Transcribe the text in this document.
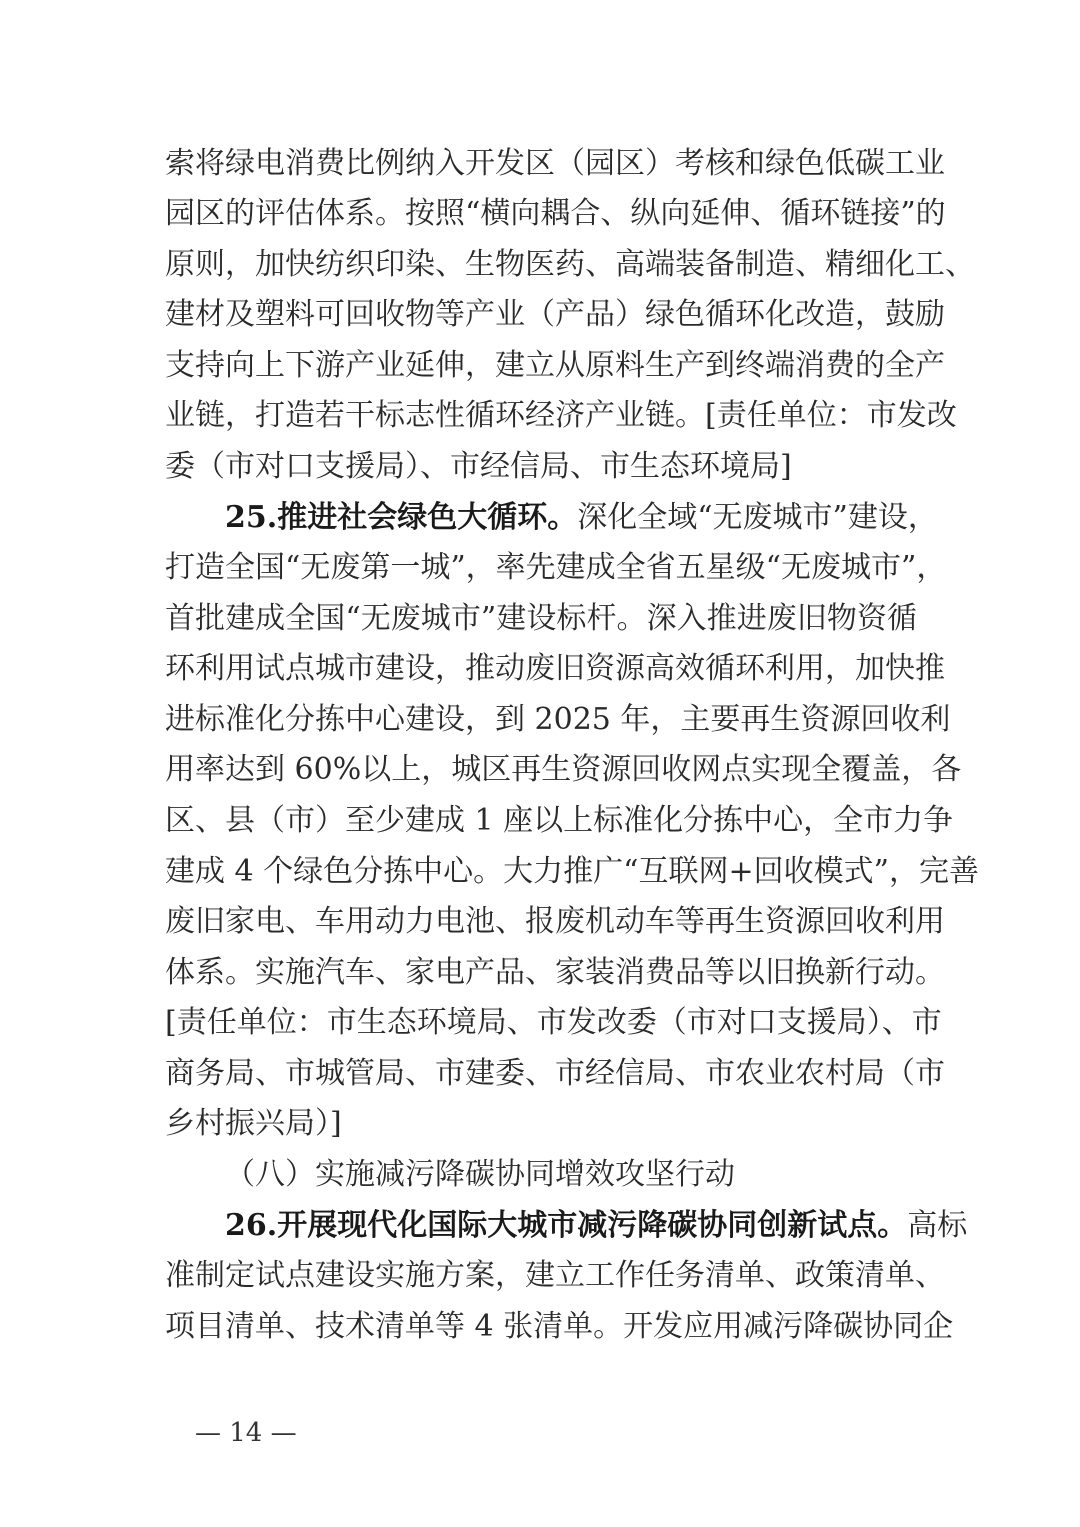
索将绿电消费比例纳入开发区（园区）考核和绿色低碳工业
园区的评估体系。按照“横向耦合、纵向延伸、循环链接”的
原则，加快纺织印染、生物医药、高端装备制造、精细化工、
建材及塑料可回收物等产业（产品）绿色循环化改造，鼓励
支持向上下游产业延伸，建立从原料生产到终端消费的全产
业链，打造若干标志性循环经济产业链。[责任单位：市发改
委（市对口支援局）、市经信局、市生态环境局]
25.推进社会绿色大循环。深化全域“无废城市”建设，
打造全国“无废第一城”，率先建成全省五星级“无废城市”，
首批建成全国“无废城市”建设标杆。深入推进废旧物资循
环利用试点城市建设，推动废旧资源高效循环利用，加快推
进标准化分拣中心建设，到 2025 年，主要再生资源回收利
用率达到 60%以上，城区再生资源回收网点实现全覆盖，各
区、县（市）至少建成 1 座以上标准化分拣中心，全市力争
建成 4 个绿色分拣中心。大力推广“互联网+回收模式”，完善
废旧家电、车用动力电池、报废机动车等再生资源回收利用
体系。实施汽车、家电产品、家装消费品等以旧换新行动。
[责任单位：市生态环境局、市发改委（市对口支援局）、市
商务局、市城管局、市建委、市经信局、市农业农村局（市
乡村振兴局）]
（八）实施减污降碳协同增效攻坚行动
26.开展现代化国际大城市减污降碳协同创新试点。高标
准制定试点建设实施方案，建立工作任务清单、政策清单、
项目清单、技术清单等 4 张清单。开发应用减污降碳协同企
— 14 —
